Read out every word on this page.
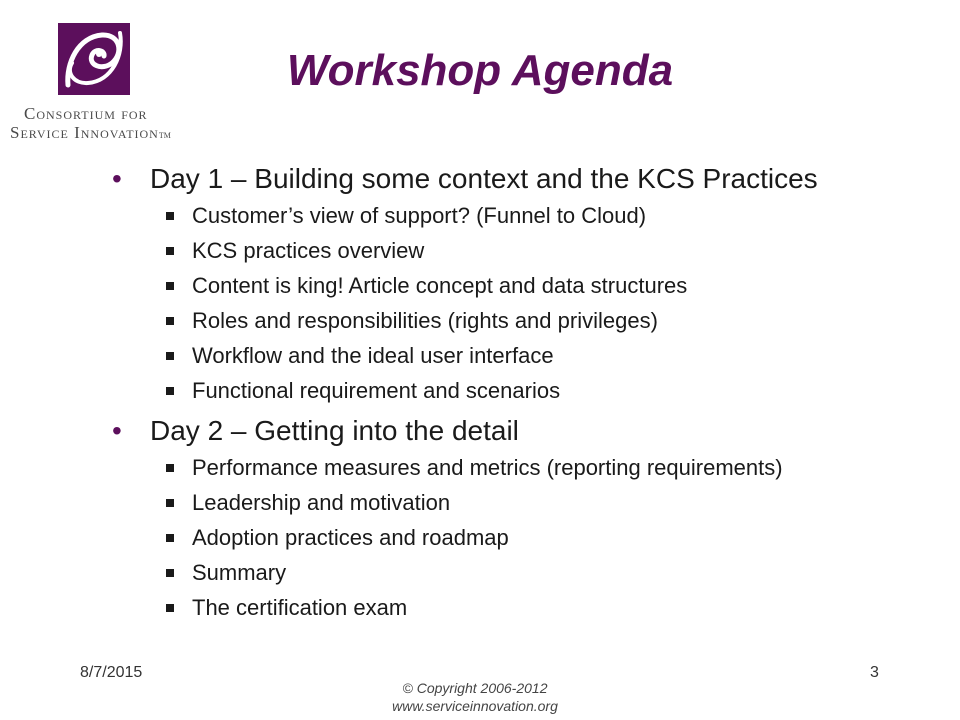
Consortium for
Service InnovationTM
Workshop Agenda
• Day 1 – Building some context and the KCS Practices
Customer’s view of support? (Funnel to Cloud)
KCS practices overview
Content is king! Article concept and data structures
Roles and responsibilities (rights and privileges)
Workflow and the ideal user interface
Functional requirement and scenarios
• Day 2 – Getting into the detail
Performance measures and metrics (reporting requirements)
Leadership and motivation
Adoption practices and roadmap
Summary
The certification exam
8/7/2015	3
© Copyright 2006-2012
www.serviceinnovation.org
